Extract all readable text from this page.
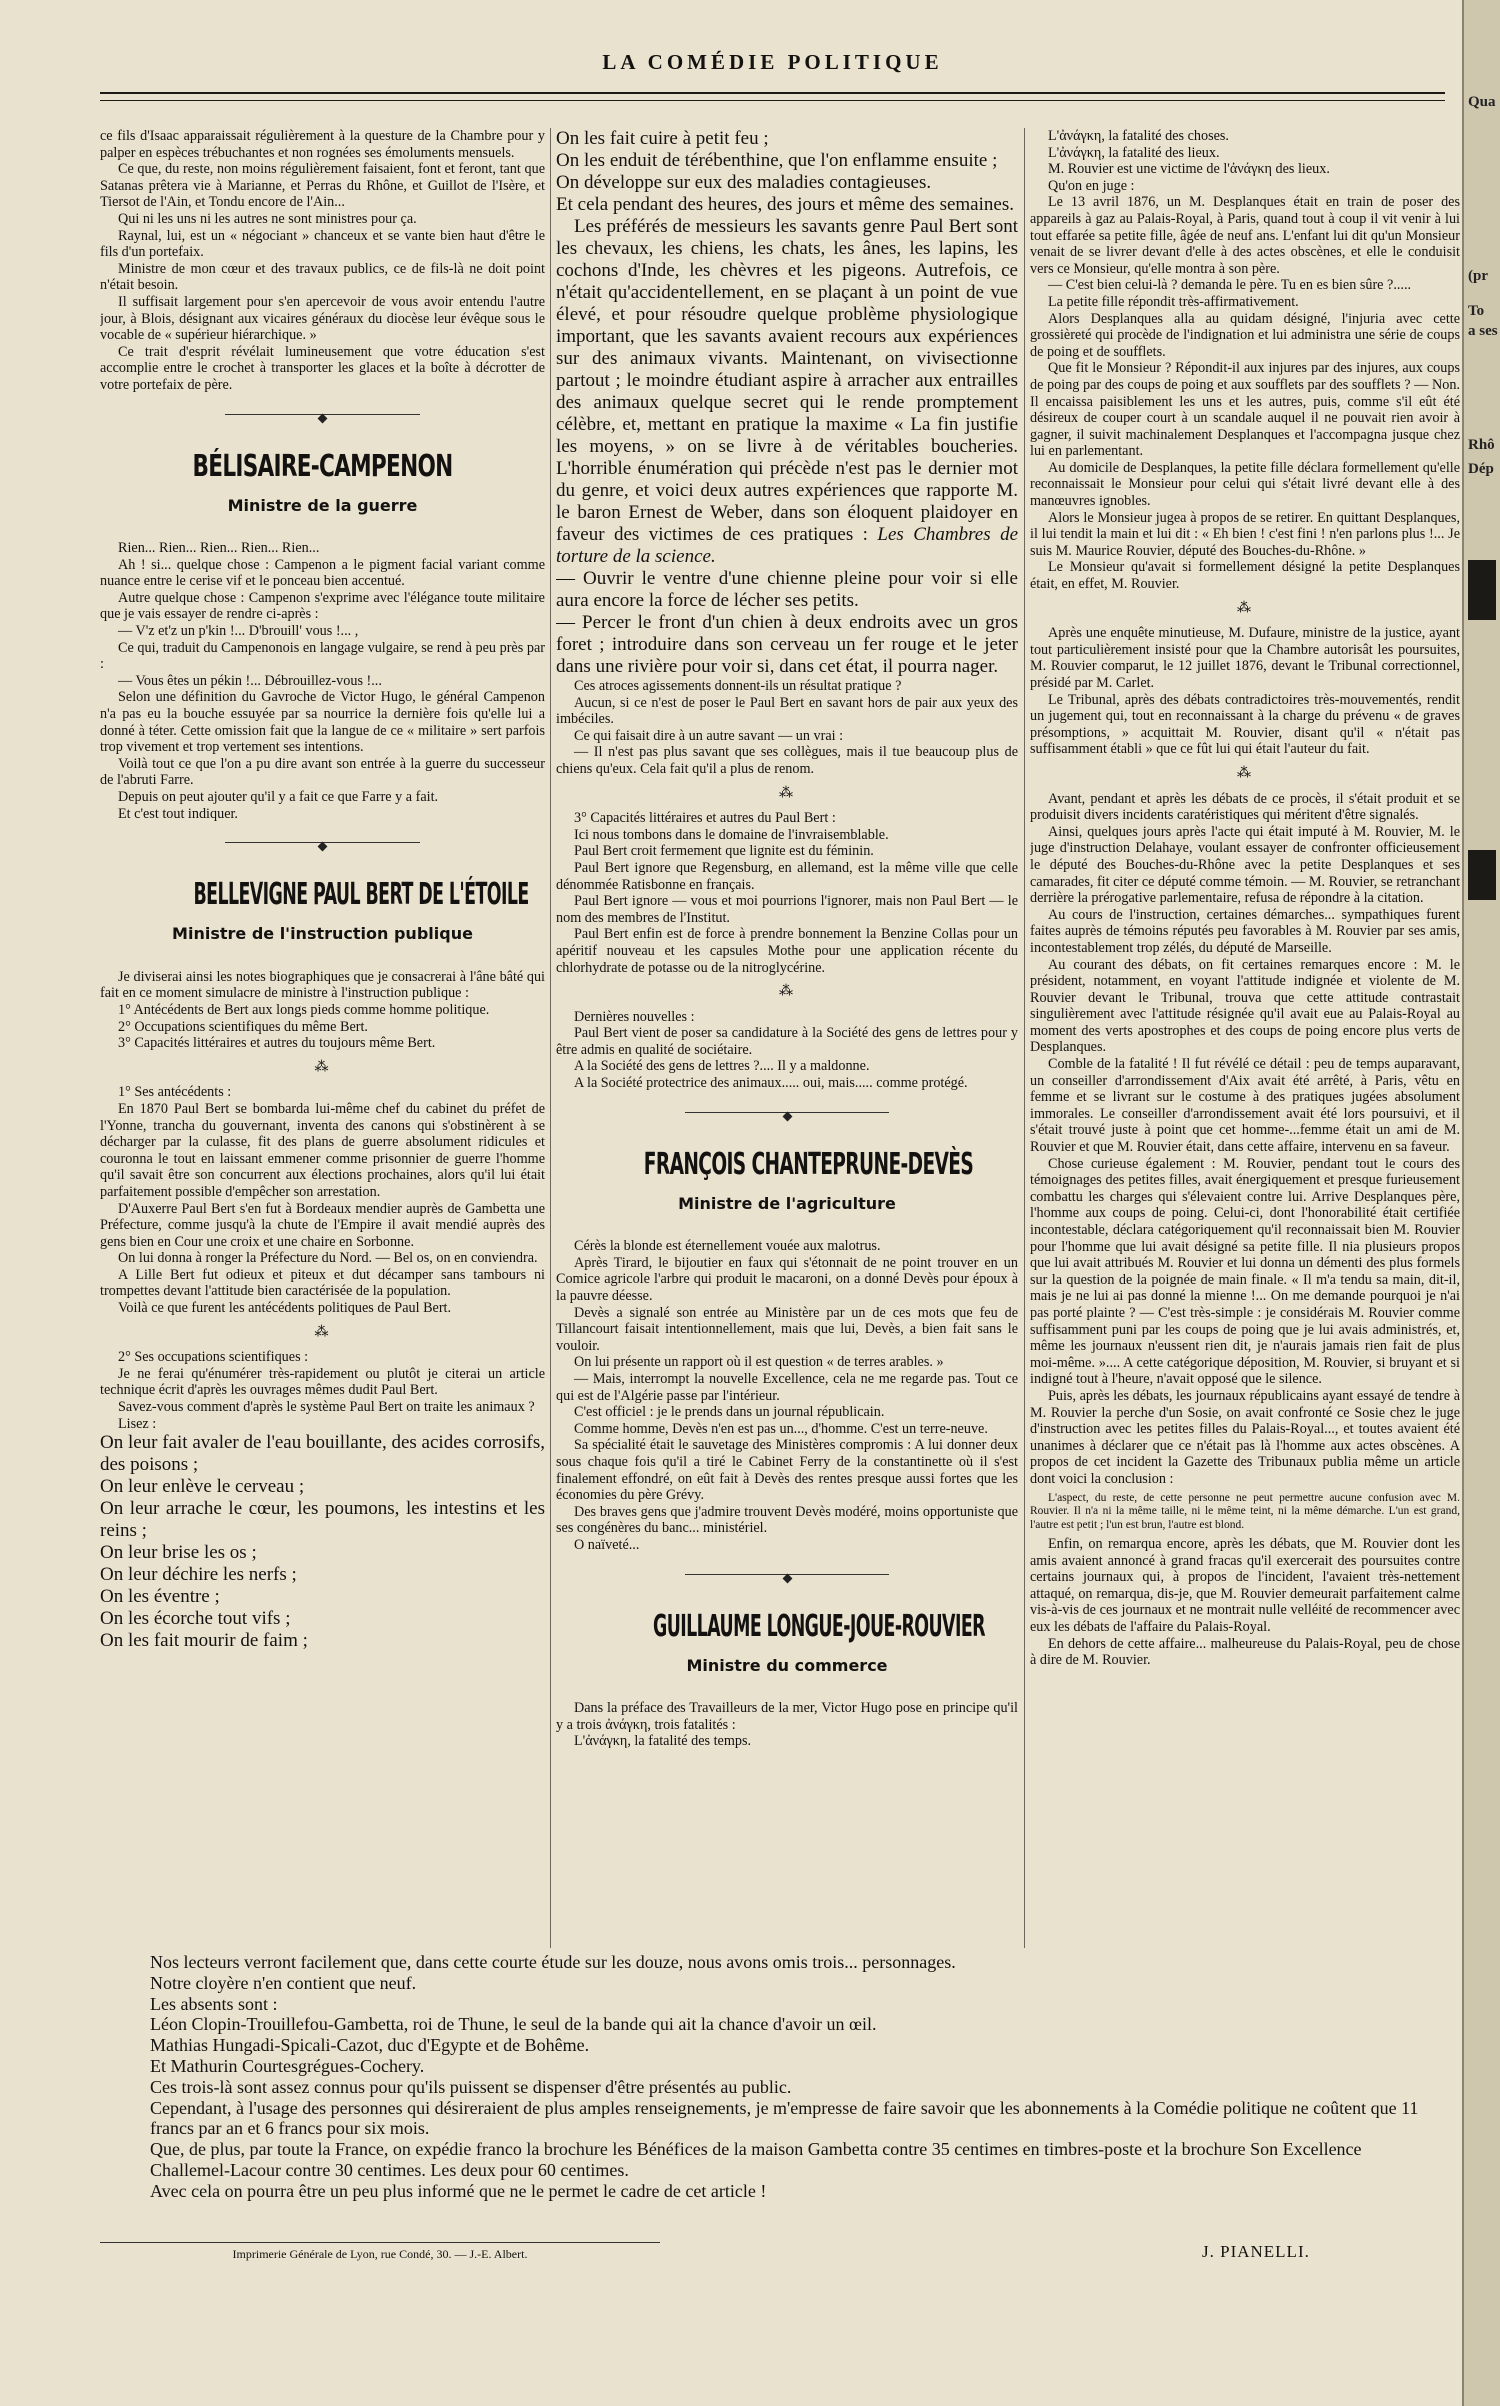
LA COMÉDIE POLITIQUE

ce fils d'Isaac apparaissait régulièrement à la questure de la Chambre pour y palper en espèces trébuchantes et non rognées ses émoluments mensuels.

Ce que, du reste, non moins régulièrement faisaient, font et feront, tant que Satanas prêtera vie à Marianne, et Perras du Rhône, et Guillot de l'Isère, et Tiersot de l'Ain, et Tondu encore de l'Ain...

Qui ni les uns ni les autres ne sont ministres pour ça.

Raynal, lui, est un « négociant » chanceux et se vante bien haut d'être le fils d'un portefaix.

Ministre de mon cœur et des travaux publics, ce de fils-là ne doit point n'était besoin.

Il suffisait largement pour s'en apercevoir de vous avoir entendu l'autre jour, à Blois, désignant aux vicaires généraux du diocèse leur évêque sous le vocable de « supérieur hiérarchique. »

Ce trait d'esprit révélait lumineusement que votre éducation s'est accomplie entre le crochet à transporter les glaces et la boîte à décrotter de votre portefaix de père.

BÉLISAIRE-CAMPENON
Ministre de la guerre

Rien... Rien... Rien... Rien... Rien...

Ah ! si... quelque chose : Campenon a le pigment facial variant comme nuance entre le cerise vif et le ponceau bien accentué.

Autre quelque chose : Campenon s'exprime avec l'élégance toute militaire que je vais essayer de rendre ci-après :

— V'z et'z un p'kin !... D'brouill' vous !... ,

Ce qui, traduit du Campenonois en langage vulgaire, se rend à peu près par :

— Vous êtes un pékin !... Débrouillez-vous !...

Selon une définition du Gavroche de Victor Hugo, le général Campenon n'a pas eu la bouche essuyée par sa nourrice la dernière fois qu'elle lui a donné à téter. Cette omission fait que la langue de ce « militaire » sert parfois trop vivement et trop vertement ses intentions.

Voilà tout ce que l'on a pu dire avant son entrée à la guerre du successeur de l'abruti Farre.

Depuis on peut ajouter qu'il y a fait ce que Farre y a fait.

Et c'est tout indiquer.

BELLEVIGNE PAUL BERT DE L'ÉTOILE
Ministre de l'instruction publique

Je diviserai ainsi les notes biographiques que je consacrerai à l'âne bâté qui fait en ce moment simulacre de ministre à l'instruction publique :

1° Antécédents de Bert aux longs pieds comme homme politique.

2° Occupations scientifiques du même Bert.

3° Capacités littéraires et autres du toujours même Bert.

⁂

1° Ses antécédents :

En 1870 Paul Bert se bombarda lui-même chef du cabinet du préfet de l'Yonne, trancha du gouvernant, inventa des canons qui s'obstinèrent à se décharger par la culasse, fit des plans de guerre absolument ridicules et couronna le tout en laissant emmener comme prisonnier de guerre l'homme qu'il savait être son concurrent aux élections prochaines, alors qu'il lui était parfaitement possible d'empêcher son arrestation.

D'Auxerre Paul Bert s'en fut à Bordeaux mendier auprès de Gambetta une Préfecture, comme jusqu'à la chute de l'Empire il avait mendié auprès des gens bien en Cour une croix et une chaire en Sorbonne.

On lui donna à ronger la Préfecture du Nord. — Bel os, on en conviendra.

A Lille Bert fut odieux et piteux et dut décamper sans tambours ni trompettes devant l'attitude bien caractérisée de la population.

Voilà ce que furent les antécédents politiques de Paul Bert.

⁂

2° Ses occupations scientifiques :

Je ne ferai qu'énumérer très-rapidement ou plutôt je citerai un article technique écrit d'après les ouvrages mêmes dudit Paul Bert.

Savez-vous comment d'après le système Paul Bert on traite les animaux ?

Lisez :

On leur fait avaler de l'eau bouillante, des acides corrosifs, des poisons ;

On leur enlève le cerveau ;

On leur arrache le cœur, les poumons, les intestins et les reins ;

On leur brise les os ;

On leur déchire les nerfs ;

On les éventre ;

On les écorche tout vifs ;

On les fait mourir de faim ;

On les fait cuire à petit feu ;

On les enduit de térébenthine, que l'on enflamme ensuite ;

On développe sur eux des maladies contagieuses.

Et cela pendant des heures, des jours et même des semaines.

Les préférés de messieurs les savants genre Paul Bert sont les chevaux, les chiens, les chats, les ânes, les lapins, les cochons d'Inde, les chèvres et les pigeons. Autrefois, ce n'était qu'accidentellement, en se plaçant à un point de vue élevé, et pour résoudre quelque problème physiologique important, que les savants avaient recours aux expériences sur des animaux vivants. Maintenant, on vivisectionne partout ; le moindre étudiant aspire à arracher aux entrailles des animaux quelque secret qui le rende promptement célèbre, et, mettant en pratique la maxime « La fin justifie les moyens, » on se livre à de véritables boucheries. L'horrible énumération qui précède n'est pas le dernier mot du genre, et voici deux autres expériences que rapporte M. le baron Ernest de Weber, dans son éloquent plaidoyer en faveur des victimes de ces pratiques : Les Chambres de torture de la science.

— Ouvrir le ventre d'une chienne pleine pour voir si elle aura encore la force de lécher ses petits.

— Percer le front d'un chien à deux endroits avec un gros foret ; introduire dans son cerveau un fer rouge et le jeter dans une rivière pour voir si, dans cet état, il pourra nager.

Ces atroces agissements donnent-ils un résultat pratique ?

Aucun, si ce n'est de poser le Paul Bert en savant hors de pair aux yeux des imbéciles.

Ce qui faisait dire à un autre savant — un vrai :

— Il n'est pas plus savant que ses collègues, mais il tue beaucoup plus de chiens qu'eux. Cela fait qu'il a plus de renom.

⁂

3° Capacités littéraires et autres du Paul Bert :

Ici nous tombons dans le domaine de l'invraisemblable.

Paul Bert croit fermement que lignite est du féminin.

Paul Bert ignore que Regensburg, en allemand, est la même ville que celle dénommée Ratisbonne en français.

Paul Bert ignore — vous et moi pourrions l'ignorer, mais non Paul Bert — le nom des membres de l'Institut.

Paul Bert enfin est de force à prendre bonnement la Benzine Collas pour un apéritif nouveau et les capsules Mothe pour une application récente du chlorhydrate de potasse ou de la nitroglycérine.

⁂

Dernières nouvelles :

Paul Bert vient de poser sa candidature à la Société des gens de lettres pour y être admis en qualité de sociétaire.

A la Société des gens de lettres ?.... Il y a maldonne.

A la Société protectrice des animaux..... oui, mais..... comme protégé.

FRANÇOIS CHANTEPRUNE-DEVÈS
Ministre de l'agriculture

Cérès la blonde est éternellement vouée aux malotrus.

Après Tirard, le bijoutier en faux qui s'étonnait de ne point trouver en un Comice agricole l'arbre qui produit le macaroni, on a donné Devès pour époux à la pauvre déesse.

Devès a signalé son entrée au Ministère par un de ces mots que feu de Tillancourt faisait intentionnellement, mais que lui, Devès, a bien fait sans le vouloir.

On lui présente un rapport où il est question « de terres arables. »

— Mais, interrompt la nouvelle Excellence, cela ne me regarde pas. Tout ce qui est de l'Algérie passe par l'intérieur.

C'est officiel : je le prends dans un journal républicain.

Comme homme, Devès n'en est pas un..., d'homme. C'est un terre-neuve.

Sa spécialité était le sauvetage des Ministères compromis : A lui donner deux sous chaque fois qu'il a tiré le Cabinet Ferry de la constantinette où il s'est finalement effondré, on eût fait à Devès des rentes presque aussi fortes que les économies du père Grévy.

Des braves gens que j'admire trouvent Devès modéré, moins opportuniste que ses congénères du banc... ministériel.

O naïveté...

GUILLAUME LONGUE-JOUE-ROUVIER
Ministre du commerce

Dans la préface des Travailleurs de la mer, Victor Hugo pose en principe qu'il y a trois ἀνάγκη, trois fatalités :

L'ἀνάγκη, la fatalité des temps.

L'ἀνάγκη, la fatalité des choses.

L'ἀνάγκη, la fatalité des lieux.

M. Rouvier est une victime de l'ἀνάγκη des lieux.

Qu'on en juge :

Le 13 avril 1876, un M. Desplanques était en train de poser des appareils à gaz au Palais-Royal, à Paris, quand tout à coup il vit venir à lui tout effarée sa petite fille, âgée de neuf ans. L'enfant lui dit qu'un Monsieur venait de se livrer devant d'elle à des actes obscènes, et elle le conduisit vers ce Monsieur, qu'elle montra à son père.

— C'est bien celui-là ? demanda le père. Tu en es bien sûre ?.....

La petite fille répondit très-affirmativement.

Alors Desplanques alla au quidam désigné, l'injuria avec cette grossièreté qui procède de l'indignation et lui administra une série de coups de poing et de soufflets.

Que fit le Monsieur ? Répondit-il aux injures par des injures, aux coups de poing par des coups de poing et aux soufflets par des soufflets ? — Non. Il encaissa paisiblement les uns et les autres, puis, comme s'il eût été désireux de couper court à un scandale auquel il ne pouvait rien avoir à gagner, il suivit machinalement Desplanques et l'accompagna jusque chez lui en parlementant.

Au domicile de Desplanques, la petite fille déclara formellement qu'elle reconnaissait le Monsieur pour celui qui s'était livré devant elle à des manœuvres ignobles.

Alors le Monsieur jugea à propos de se retirer. En quittant Desplanques, il lui tendit la main et lui dit : « Eh bien ! c'est fini ! n'en parlons plus !... Je suis M. Maurice Rouvier, député des Bouches-du-Rhône. »

Le Monsieur qu'avait si formellement désigné la petite Desplanques était, en effet, M. Rouvier.

⁂

Après une enquête minutieuse, M. Dufaure, ministre de la justice, ayant tout particulièrement insisté pour que la Chambre autorisât les poursuites, M. Rouvier comparut, le 12 juillet 1876, devant le Tribunal correctionnel, présidé par M. Carlet.

Le Tribunal, après des débats contradictoires très-mouvementés, rendit un jugement qui, tout en reconnaissant à la charge du prévenu « de graves présomptions, » acquittait M. Rouvier, disant qu'il « n'était pas suffisamment établi » que ce fût lui qui était l'auteur du fait.

⁂

Avant, pendant et après les débats de ce procès, il s'était produit et se produisit divers incidents caratéristiques qui méritent d'être signalés.

Ainsi, quelques jours après l'acte qui était imputé à M. Rouvier, M. le juge d'instruction Delahaye, voulant essayer de confronter officieusement le député des Bouches-du-Rhône avec la petite Desplanques et ses camarades, fit citer ce député comme témoin. — M. Rouvier, se retranchant derrière la prérogative parlementaire, refusa de répondre à la citation.

Au cours de l'instruction, certaines démarches... sympathiques furent faites auprès de témoins réputés peu favorables à M. Rouvier par ses amis, incontestablement trop zélés, du député de Marseille.

Au courant des débats, on fit certaines remarques encore : M. le président, notamment, en voyant l'attitude indignée et violente de M. Rouvier devant le Tribunal, trouva que cette attitude contrastait singulièrement avec l'attitude résignée qu'il avait eue au Palais-Royal au moment des verts apostrophes et des coups de poing encore plus verts de Desplanques.

Comble de la fatalité ! Il fut révélé ce détail : peu de temps auparavant, un conseiller d'arrondissement d'Aix avait été arrêté, à Paris, vêtu en femme et se livrant sur le costume à des pratiques jugées absolument immorales. Le conseiller d'arrondissement avait été lors poursuivi, et il s'était trouvé juste à point que cet homme-...femme était un ami de M. Rouvier et que M. Rouvier était, dans cette affaire, intervenu en sa faveur.

Chose curieuse également : M. Rouvier, pendant tout le cours des témoignages des petites filles, avait énergiquement et presque furieusement combattu les charges qui s'élevaient contre lui. Arrive Desplanques père, l'homme aux coups de poing. Celui-ci, dont l'honorabilité était certifiée incontestable, déclara catégoriquement qu'il reconnaissait bien M. Rouvier pour l'homme que lui avait désigné sa petite fille. Il nia plusieurs propos que lui avait attribués M. Rouvier et lui donna un démenti des plus formels sur la question de la poignée de main finale. « Il m'a tendu sa main, dit-il, mais je ne lui ai pas donné la mienne !... On me demande pourquoi je n'ai pas porté plainte ? — C'est très-simple : je considérais M. Rouvier comme suffisamment puni par les coups de poing que je lui avais administrés, et, même les journaux n'eussent rien dit, je n'aurais jamais rien fait de plus moi-même. ».... A cette catégorique déposition, M. Rouvier, si bruyant et si indigné tout à l'heure, n'avait opposé que le silence.

Puis, après les débats, les journaux républicains ayant essayé de tendre à M. Rouvier la perche d'un Sosie, on avait confronté ce Sosie chez le juge d'instruction avec les petites filles du Palais-Royal..., et toutes avaient été unanimes à déclarer que ce n'était pas là l'homme aux actes obscènes. A propos de cet incident la Gazette des Tribunaux publia même un article dont voici la conclusion :

L'aspect, du reste, de cette personne ne peut permettre aucune confusion avec M. Rouvier. Il n'a ni la même taille, ni le même teint, ni la même démarche. L'un est grand, l'autre est petit ; l'un est brun, l'autre est blond.

Enfin, on remarqua encore, après les débats, que M. Rouvier dont les amis avaient annoncé à grand fracas qu'il exercerait des poursuites contre certains journaux qui, à propos de l'incident, l'avaient très-nettement attaqué, on remarqua, dis-je, que M. Rouvier demeurait parfaitement calme vis-à-vis de ces journaux et ne montrait nulle velléité de recommencer avec eux les débats de l'affaire du Palais-Royal.

En dehors de cette affaire... malheureuse du Palais-Royal, peu de chose à dire de M. Rouvier.

Nos lecteurs verront facilement que, dans cette courte étude sur les douze, nous avons omis trois... personnages.

Notre cloyère n'en contient que neuf.

Les absents sont :

Léon Clopin-Trouillefou-Gambetta, roi de Thune, le seul de la bande qui ait la chance d'avoir un œil.

Mathias Hungadi-Spicali-Cazot, duc d'Egypte et de Bohême.

Et Mathurin Courtesgrégues-Cochery.

Ces trois-là sont assez connus pour qu'ils puissent se dispenser d'être présentés au public.

Cependant, à l'usage des personnes qui désireraient de plus amples renseignements, je m'empresse de faire savoir que les abonnements à la Comédie politique ne coûtent que 11 francs par an et 6 francs pour six mois.

Que, de plus, par toute la France, on expédie franco la brochure les Bénéfices de la maison Gambetta contre 35 centimes en timbres-poste et la brochure Son Excellence Challemel-Lacour contre 30 centimes. Les deux pour 60 centimes.

Avec cela on pourra être un peu plus informé que ne le permet le cadre de cet article !

Imprimerie Générale de Lyon, rue Condé, 30. — J.-E. Albert.	J. PIANELLI.
Qua
(pr
To
a ses
Rhô
Dép
